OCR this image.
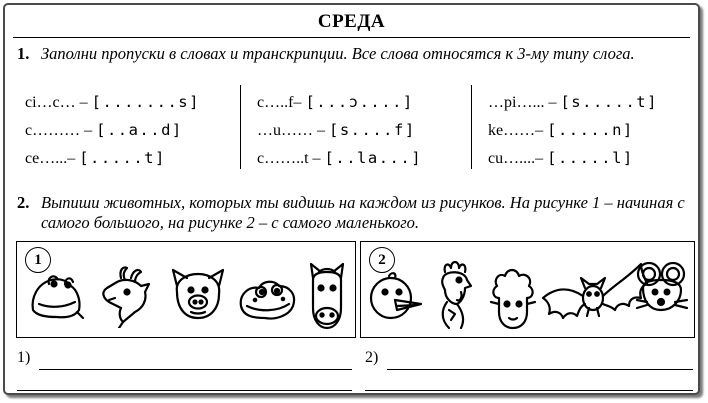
СРЕДА
1. Заполни пропуски в словах и транскрипции. Все слова относятся к 3-му типу слога.
ci…c… – [.......s]
c……… – [..a..d]
ce…...– [.....t]
c…..f– [...ɔ....]
…u…… – [s....f]
c……..t – [..la...]
…pi…... – [s.....t]
ke……– [.....n]
cu…....– [.....l]
2. Выпиши животных, которых ты видишь на каждом из рисунков. На рисунке 1 – начиная с самого большого, на рисунке 2 – с самого маленького.
1	2
1)	2)
